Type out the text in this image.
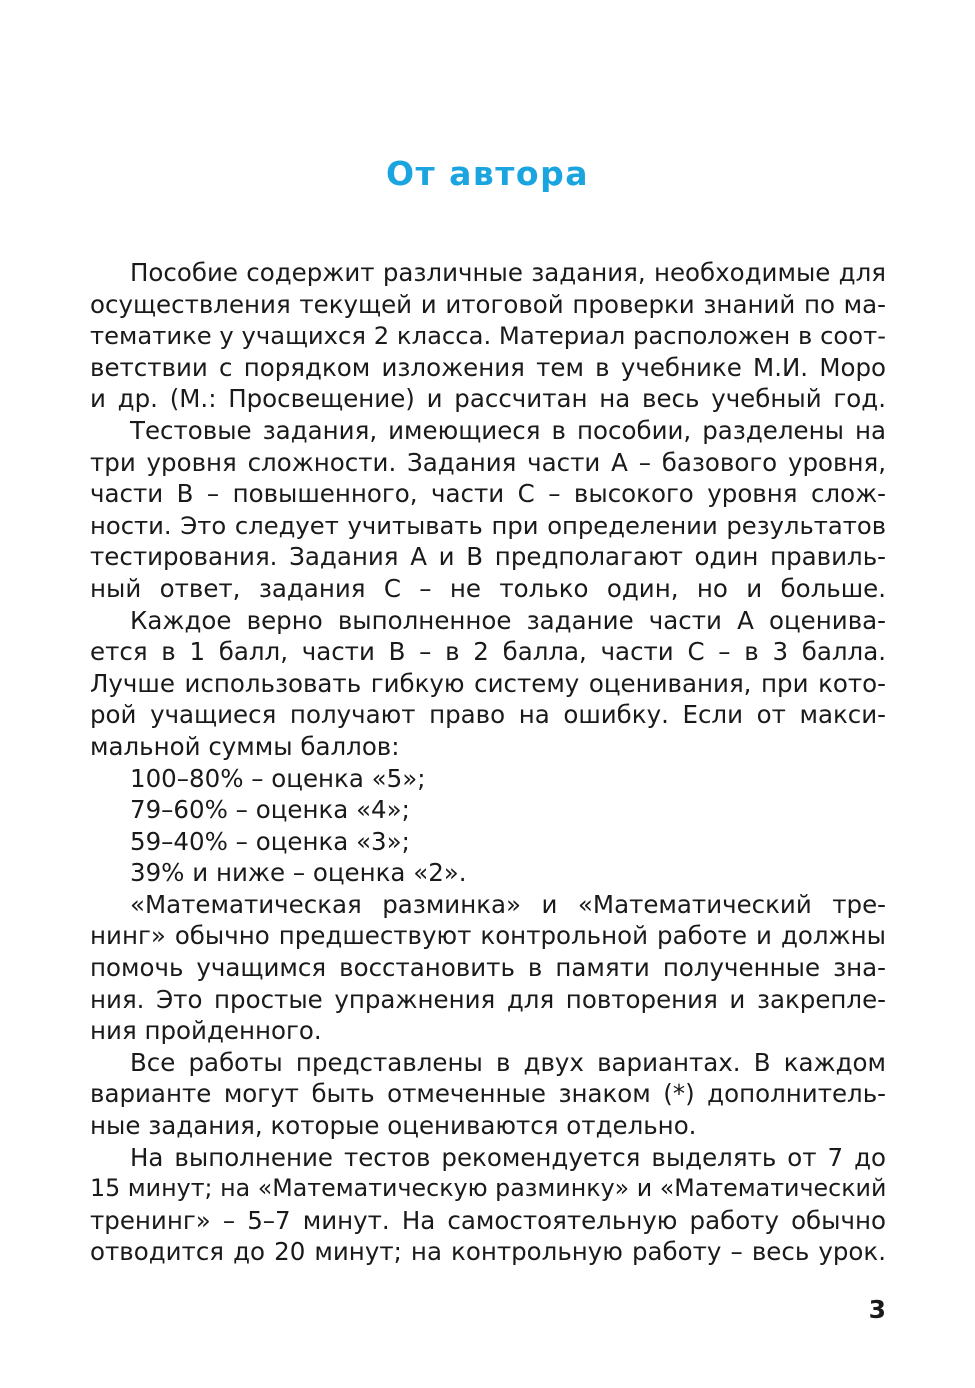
От автора
Пособие содержит различные задания, необходимые для
осуществления текущей и итоговой проверки знаний по ма-
тематике у учащихся 2 класса. Материал расположен в соот-
ветствии с порядком изложения тем в учебнике М.И. Моро
и др. (М.: Просвещение) и рассчитан на весь учебный год.
Тестовые задания, имеющиеся в пособии, разделены на
три уровня сложности. Задания части А – базового уровня,
части В – повышенного, части С – высокого уровня слож-
ности. Это следует учитывать при определении результатов
тестирования. Задания А и В предполагают один правиль-
ный ответ, задания С – не только один, но и больше.
Каждое верно выполненное задание части А оценива-
ется в 1 балл, части В – в 2 балла, части С – в 3 балла.
Лучше использовать гибкую систему оценивания, при кото-
рой учащиеся получают право на ошибку. Если от макси-
мальной суммы баллов:
100–80% – оценка «5»;
79–60% – оценка «4»;
59–40% – оценка «3»;
39% и ниже – оценка «2».
«Математическая разминка» и «Математический тре-
нинг» обычно предшествуют контрольной работе и должны
помочь учащимся восстановить в памяти полученные зна-
ния. Это простые упражнения для повторения и закрепле-
ния пройденного.
Все работы представлены в двух вариантах. В каждом
варианте могут быть отмеченные знаком (*) дополнитель-
ные задания, которые оцениваются отдельно.
На выполнение тестов рекомендуется выделять от 7 до
15 минут; на «Математическую разминку» и «Математический
тренинг» – 5–7 минут. На самостоятельную работу обычно
отводится до 20 минут; на контрольную работу – весь урок.
3
